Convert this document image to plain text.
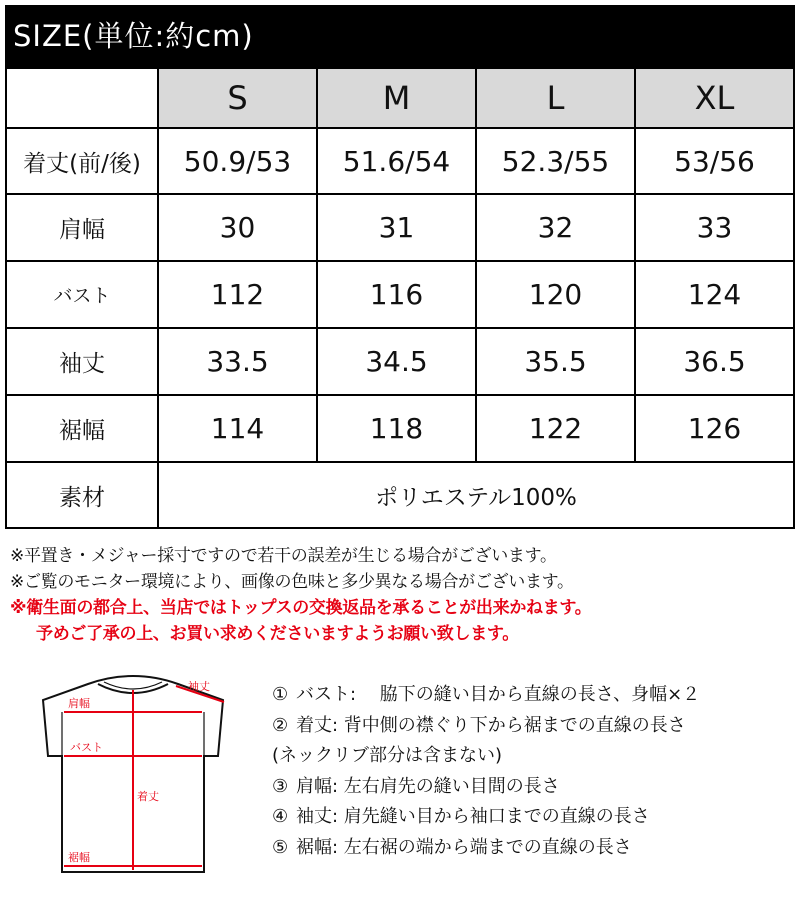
SIZE(単位:約cm)
	S	M	L	XL
着丈(前/後)	50.9/53	51.6/54	52.3/55	53/56
肩幅	30	31	32	33
バスト	112	116	120	124
袖丈	33.5	34.5	35.5	36.5
裾幅	114	118	122	126
素材	ポリエステル100%			
※平置き・メジャー採寸ですので若干の誤差が生じる場合がございます。
※ご覧のモニター環境により、画像の色味と多少異なる場合がございます。
※衛生面の都合上、当店ではトップスの交換返品を承ることが出来かねます。
予めご了承の上、お買い求めくださいますようお願い致します。
袖丈
肩幅
バスト
着丈
裾幅
① バスト:　 脇下の縫い目から直線の長さ、身幅×２
② 着丈: 背中側の襟ぐり下から裾までの直線の長さ
(ネックリブ部分は含まない)
③ 肩幅: 左右肩先の縫い目間の長さ
④ 袖丈: 肩先縫い目から袖口までの直線の長さ
⑤ 裾幅: 左右裾の端から端までの直線の長さ
